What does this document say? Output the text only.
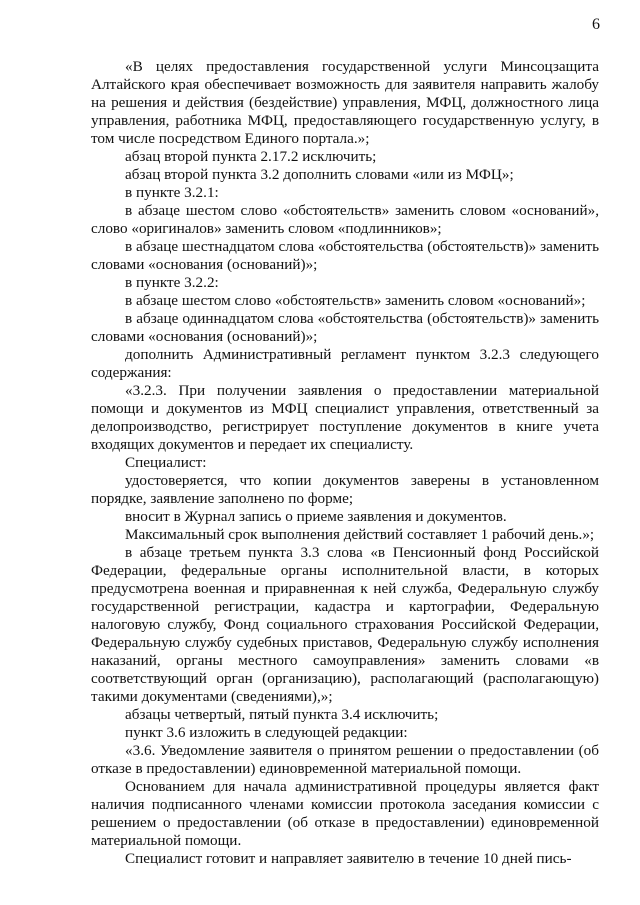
6

«В целях предоставления государственной услуги Минсоцзащита Алтайского края обеспечивает возможность для заявителя направить жалобу на решения и действия (бездействие) управления, МФЦ, должностного лица управления, работника МФЦ, предоставляющего государственную услугу, в том числе посредством Единого портала.»;

абзац второй пункта 2.17.2 исключить;

абзац второй пункта 3.2 дополнить словами «или из МФЦ»;

в пункте 3.2.1:

в абзаце шестом слово «обстоятельств» заменить словом «оснований», слово «оригиналов» заменить словом «подлинников»;

в абзаце шестнадцатом слова «обстоятельства (обстоятельств)» заменить словами «основания (оснований)»;

в пункте 3.2.2:

в абзаце шестом слово «обстоятельств» заменить словом «оснований»;

в абзаце одиннадцатом слова «обстоятельства (обстоятельств)» заменить словами «основания (оснований)»;

дополнить Административный регламент пунктом 3.2.3 следующего содержания:

«3.2.3. При получении заявления о предоставлении материальной помощи и документов из МФЦ специалист управления, ответственный за делопроизводство, регистрирует поступление документов в книге учета входящих документов и передает их специалисту.

Специалист:

удостоверяется, что копии документов заверены в установленном порядке, заявление заполнено по форме;

вносит в Журнал запись о приеме заявления и документов.

Максимальный срок выполнения действий составляет 1 рабочий день.»;

в абзаце третьем пункта 3.3 слова «в Пенсионный фонд Российской Федерации, федеральные органы исполнительной власти, в которых предусмотрена военная и приравненная к ней служба, Федеральную службу государственной регистрации, кадастра и картографии, Федеральную налоговую службу, Фонд социального страхования Российской Федерации, Федеральную службу судебных приставов, Федеральную службу исполнения наказаний, органы местного самоуправления» заменить словами «в соответствующий орган (организацию), располагающий (располагающую) такими документами (сведениями),»;

абзацы четвертый, пятый пункта 3.4 исключить;

пункт 3.6 изложить в следующей редакции:

«3.6. Уведомление заявителя о принятом решении о предоставлении (об отказе в предоставлении) единовременной материальной помощи.

Основанием для начала административной процедуры является факт наличия подписанного членами комиссии протокола заседания комиссии с решением о предоставлении (об отказе в предоставлении) единовременной материальной помощи.

Специалист готовит и направляет заявителю в течение 10 дней пись-
